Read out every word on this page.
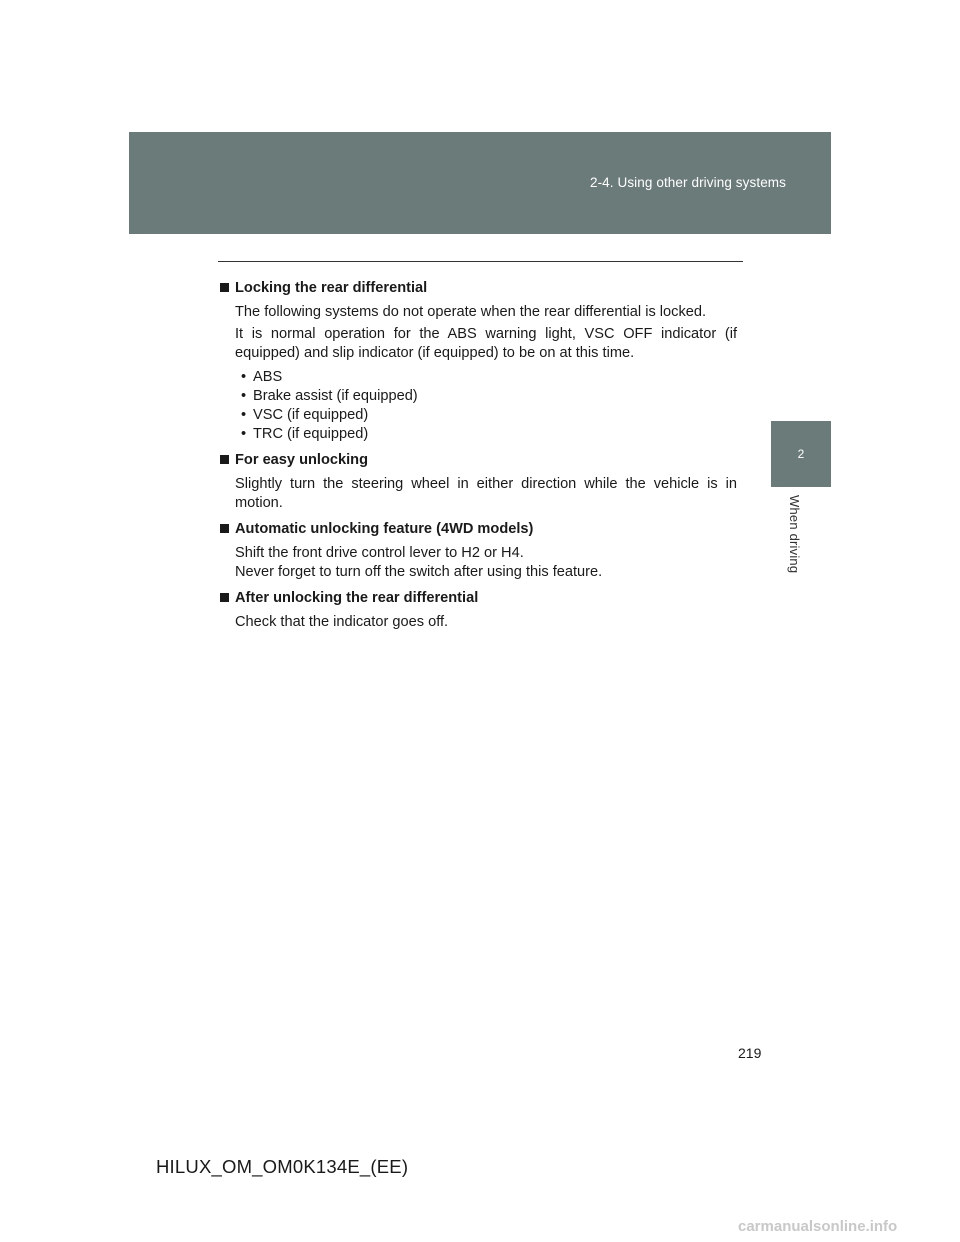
2-4. Using other driving systems
2
When driving
Locking the rear differential
The following systems do not operate when the rear differential is locked.
It is normal operation for the ABS warning light, VSC OFF indicator (if equipped) and slip indicator (if equipped) to be on at this time.
• ABS
• Brake assist (if equipped)
• VSC (if equipped)
• TRC (if equipped)
For easy unlocking
Slightly turn the steering wheel in either direction while the vehicle is in motion.
Automatic unlocking feature (4WD models)
Shift the front drive control lever to H2 or H4.
Never forget to turn off the switch after using this feature.
After unlocking the rear differential
Check that the indicator goes off.
219
HILUX_OM_OM0K134E_(EE)
carmanualsonline.info
